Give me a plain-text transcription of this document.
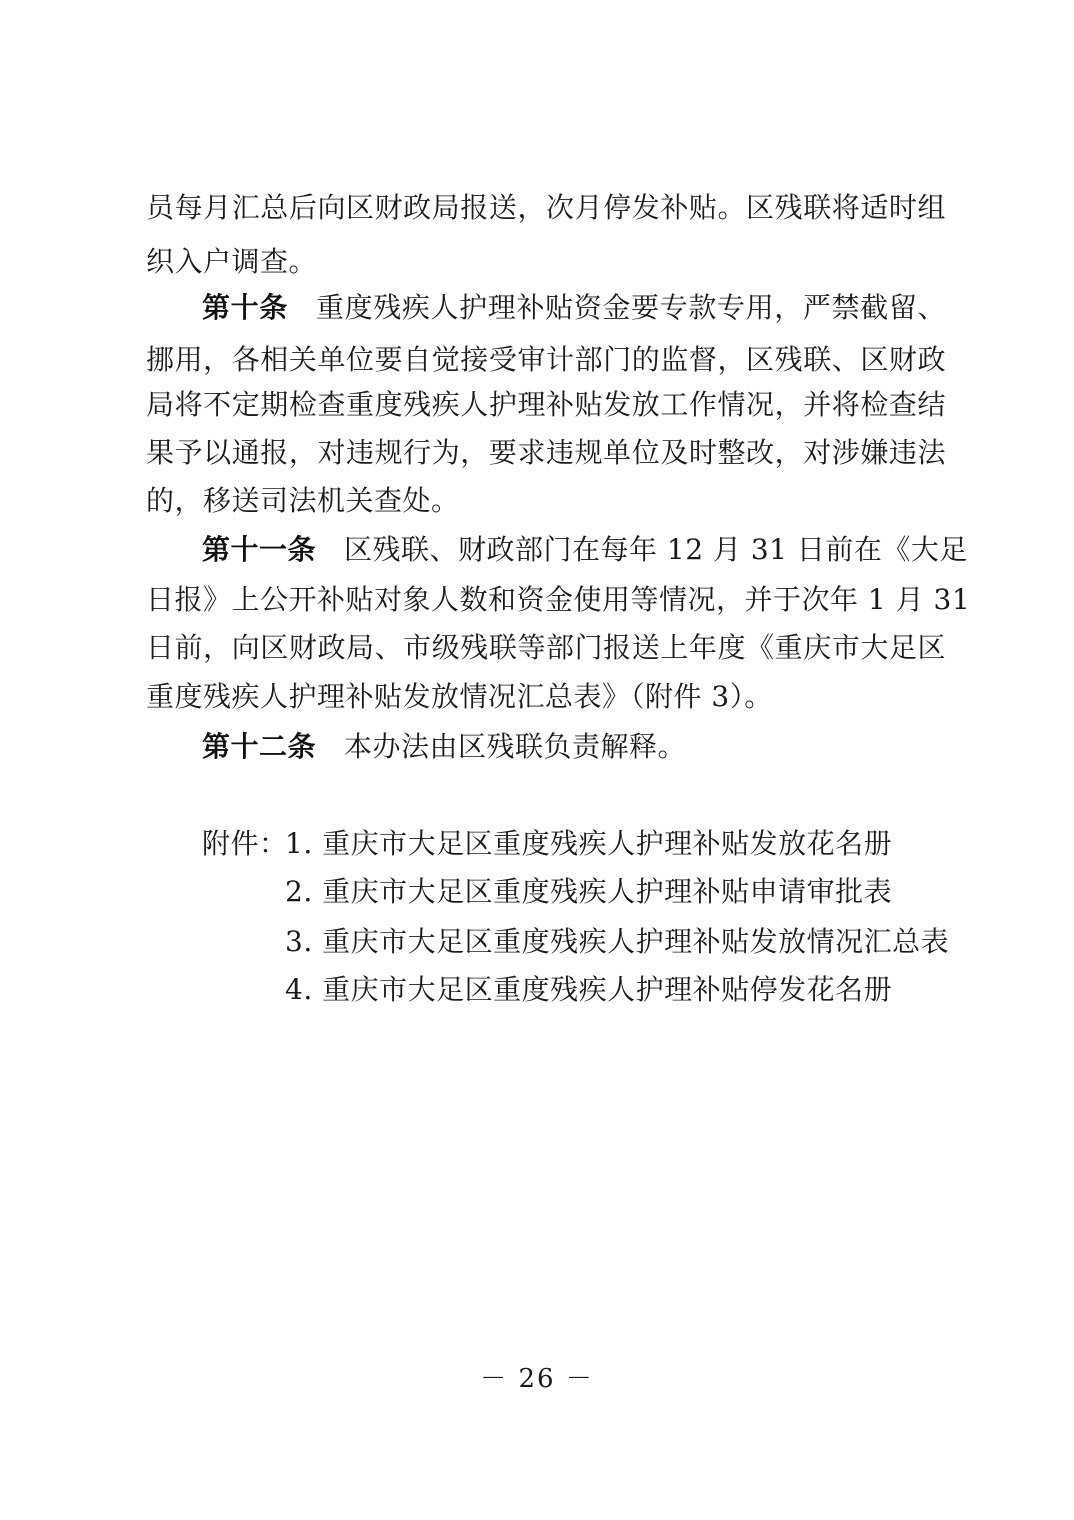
员每月汇总后向区财政局报送，次月停发补贴。区残联将适时组
织入户调查。
第十条 重度残疾人护理补贴资金要专款专用，严禁截留、
挪用，各相关单位要自觉接受审计部门的监督，区残联、区财政
局将不定期检查重度残疾人护理补贴发放工作情况，并将检查结
果予以通报，对违规行为，要求违规单位及时整改，对涉嫌违法
的，移送司法机关查处。
第十一条 区残联、财政部门在每年 12 月 31 日前在《大足
日报》上公开补贴对象人数和资金使用等情况，并于次年 1 月 31
日前，向区财政局、市级残联等部门报送上年度《重庆市大足区
重度残疾人护理补贴发放情况汇总表》（附件 3）。
第十二条 本办法由区残联负责解释。
附件：
1. 重庆市大足区重度残疾人护理补贴发放花名册
2. 重庆市大足区重度残疾人护理补贴申请审批表
3. 重庆市大足区重度残疾人护理补贴发放情况汇总表
4. 重庆市大足区重度残疾人护理补贴停发花名册
－ 26 －
